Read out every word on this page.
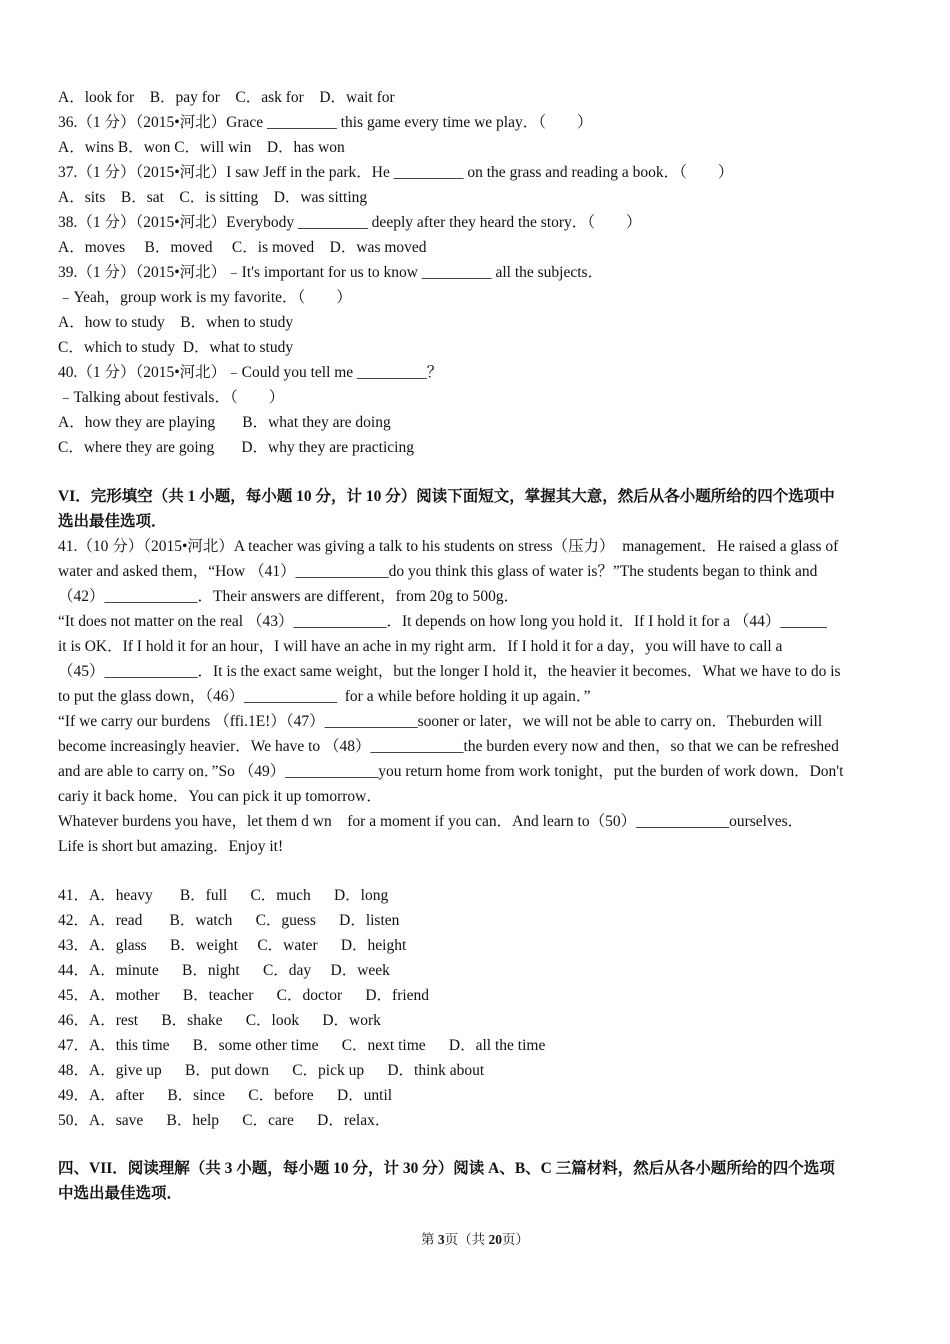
A．look for    B．pay for    C．ask for    D．wait for
36.（1 分）（2015•河北）Grace _________ this game every time we play．（        ）
A．wins B．won C．will win    D．has won
37.（1 分）（2015•河北）I saw Jeff in the park．He _________ on the grass and reading a book．（        ）
A．sits    B．sat    C．is sitting    D．was sitting
38.（1 分）（2015•河北）Everybody _________ deeply after they heard the story．（        ）
A．moves     B．moved     C．is moved    D．was moved
39.（1 分）（2015•河北）﹣It's important for us to know _________ all the subjects．
﹣Yeah，group work is my favorite．（        ）
A．how to study    B．when to study
C．which to study  D．what to study
40.（1 分）（2015•河北）﹣Could you tell me _________？
﹣Talking about festivals．（        ）
A．how they are playing       B．what they are doing
C．where they are going       D．why they are practicing
VI．完形填空（共 1 小题，每小题 10 分，计 10 分）阅读下面短文，掌握其大意，然后从各小题所给的四个选项中
选出最佳选项．
41.（10 分）（2015•河北）A teacher was giving a talk to his students on stress（压力）  management．He raised a glass of
water and asked them，“How （41）____________do you think this glass of water is？”The students began to think and
（42）____________．Their answers are different，from 20g to 500g．
“It does not matter on the real （43）____________．It depends on how long you hold it．If I hold it for a （44）______
it is OK．If I hold it for an hour，I will have an ache in my right arm．If I hold it for a day，you will have to call a
（45）____________．It is the exact same weight，but the longer I hold it，the heavier it becomes．What we have to do is
to put the glass down，（46）____________  for a while before holding it up again．”
“If we carry our burdens （ffi.1E!）（47）____________sooner or later，we will not be able to carry on．Theburden will
become increasingly heavier．We have to （48）____________the burden every now and then，so that we can be refreshed
and are able to carry on．”So （49）____________you return home from work tonight，put the burden of work down．Don't
cariy it back home．You can pick it up tomorrow．
Whatever burdens you have，let them d wn    for a moment if you can．And learn to（50）____________ourselves．
Life is short but amazing．Enjoy it!
41．A．heavy       B．full      C．much      D．long
42．A．read       B．watch      C．guess      D．listen
43．A．glass      B．weight     C．water      D．height
44．A．minute      B．night      C．day     D．week
45．A．mother      B．teacher      C．doctor      D．friend
46．A．rest      B．shake      C．look      D．work
47．A．this time      B．some other time      C．next time      D．all the time
48．A．give up      B．put down      C．pick up      D．think about
49．A．after      B．since      C．before      D．until
50．A．save      B．help      C．care      D．relax．
四、VII．阅读理解（共 3 小题，每小题 10 分，计 30 分）阅读 A、B、C 三篇材料，然后从各小题所给的四个选项
中选出最佳选项．
第 3页（共 20页）
